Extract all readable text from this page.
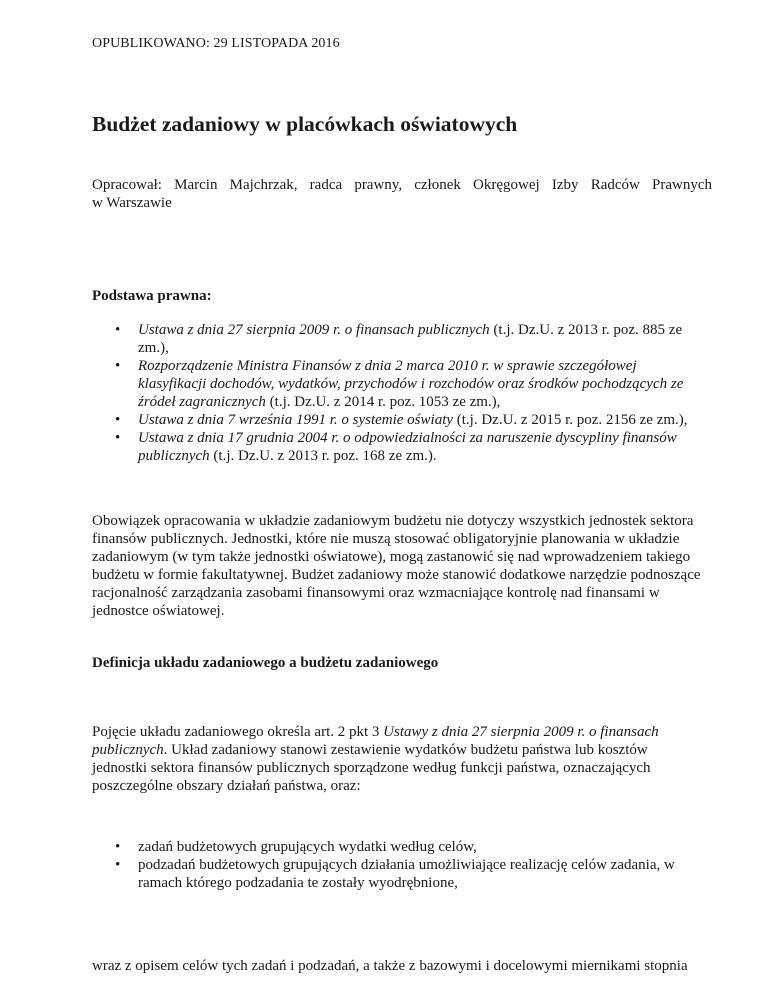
OPUBLIKOWANO: 29 LISTOPADA 2016
Budżet zadaniowy w placówkach oświatowych

Opracował: Marcin Majchrzak, radca prawny, członek Okręgowej Izby Radców Prawnych
w Warszawie

Podstawa prawna:

• Ustawa z dnia 27 sierpnia 2009 r. o finansach publicznych (t.j. Dz.U. z 2013 r. poz. 885 ze zm.),
• Rozporządzenie Ministra Finansów z dnia 2 marca 2010 r. w sprawie szczegółowej klasyfikacji dochodów, wydatków, przychodów i rozchodów oraz środków pochodzących ze źródeł zagranicznych (t.j. Dz.U. z 2014 r. poz. 1053 ze zm.),
• Ustawa z dnia 7 września 1991 r. o systemie oświaty (t.j. Dz.U. z 2015 r. poz. 2156 ze zm.),
• Ustawa z dnia 17 grudnia 2004 r. o odpowiedzialności za naruszenie dyscypliny finansów publicznych (t.j. Dz.U. z 2013 r. poz. 168 ze zm.).

Obowiązek opracowania w układzie zadaniowym budżetu nie dotyczy wszystkich jednostek sektora finansów publicznych. Jednostki, które nie muszą stosować obligatoryjnie planowania w układzie zadaniowym (w tym także jednostki oświatowe), mogą zastanowić się nad wprowadzeniem takiego budżetu w formie fakultatywnej. Budżet zadaniowy może stanowić dodatkowe narzędzie podnoszące racjonalność zarządzania zasobami finansowymi oraz wzmacniające kontrolę nad finansami w jednostce oświatowej.

Definicja układu zadaniowego a budżetu zadaniowego

Pojęcie układu zadaniowego określa art. 2 pkt 3 Ustawy z dnia 27 sierpnia 2009 r. o finansach publicznych. Układ zadaniowy stanowi zestawienie wydatków budżetu państwa lub kosztów jednostki sektora finansów publicznych sporządzone według funkcji państwa, oznaczających poszczególne obszary działań państwa, oraz:

• zadań budżetowych grupujących wydatki według celów,
• podzadań budżetowych grupujących działania umożliwiające realizację celów zadania, w ramach którego podzadania te zostały wyodrębnione,

wraz z opisem celów tych zadań i podzadań, a także z bazowymi i docelowymi miernikami stopnia
